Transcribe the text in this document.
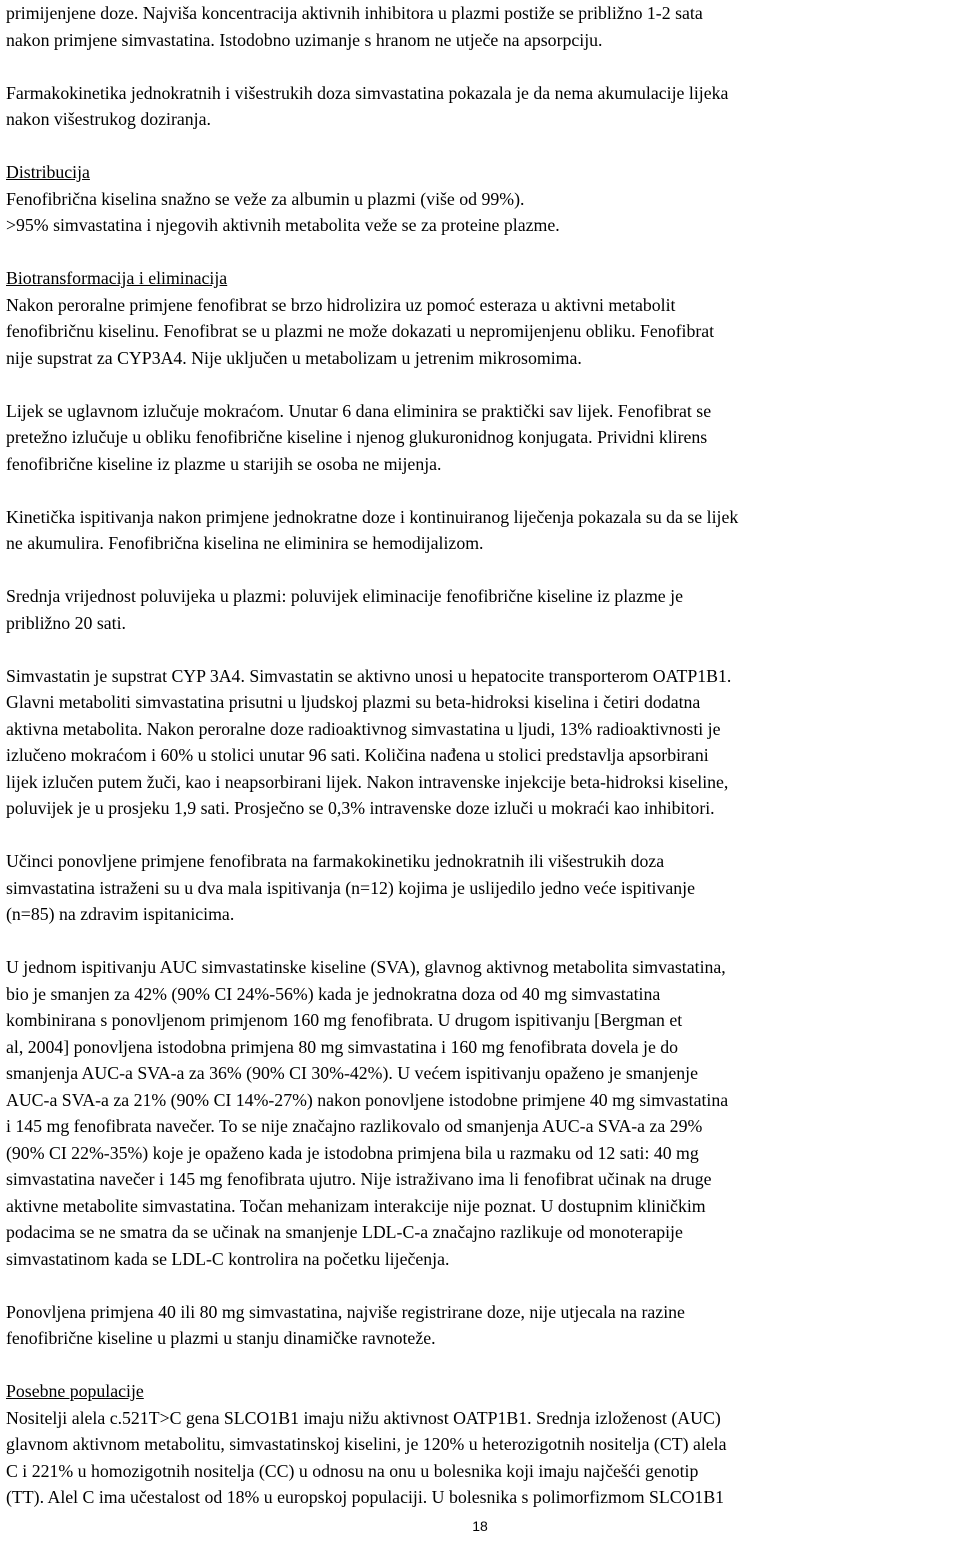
primijenjene doze. Najviša koncentracija aktivnih inhibitora u plazmi postiže se približno 1-2 sata
nakon primjene simvastatina. Istodobno uzimanje s hranom ne utječe na apsorpciju.

Farmakokinetika jednokratnih i višestrukih doza simvastatina pokazala je da nema akumulacije lijeka
nakon višestrukog doziranja.

Distribucija
Fenofibrična kiselina snažno se veže za albumin u plazmi (više od 99%).
>95% simvastatina i njegovih aktivnih metabolita veže se za proteine plazme.

Biotransformacija i eliminacija
Nakon peroralne primjene fenofibrat se brzo hidrolizira uz pomoć esteraza u aktivni metabolit
fenofibričnu kiselinu. Fenofibrat se u plazmi ne može dokazati u nepromijenjenu obliku. Fenofibrat
nije supstrat za CYP3A4. Nije uključen u metabolizam u jetrenim mikrosomima.

Lijek se uglavnom izlučuje mokraćom. Unutar 6 dana eliminira se praktički sav lijek. Fenofibrat se
pretežno izlučuje u obliku fenofibrične kiseline i njenog glukuronidnog konjugata. Prividni klirens
fenofibrične kiseline iz plazme u starijih se osoba ne mijenja.

Kinetička ispitivanja nakon primjene jednokratne doze i kontinuiranog liječenja pokazala su da se lijek
ne akumulira. Fenofibrična kiselina ne eliminira se hemodijalizom.

Srednja vrijednost poluvijeka u plazmi: poluvijek eliminacije fenofibrične kiseline iz plazme je
približno 20 sati.

Simvastatin je supstrat CYP 3A4. Simvastatin se aktivno unosi u hepatocite transporterom OATP1B1.
Glavni metaboliti simvastatina prisutni u ljudskoj plazmi su beta-hidroksi kiselina i četiri dodatna
aktivna metabolita. Nakon peroralne doze radioaktivnog simvastatina u ljudi, 13% radioaktivnosti je
izlučeno mokraćom i 60% u stolici unutar 96 sati. Količina nađena u stolici predstavlja apsorbirani
lijek izlučen putem žuči, kao i neapsorbirani lijek. Nakon intravenske injekcije beta-hidroksi kiseline,
poluvijek je u prosjeku 1,9 sati. Prosječno se 0,3% intravenske doze izluči u mokraći kao inhibitori.

Učinci ponovljene primjene fenofibrata na farmakokinetiku jednokratnih ili višestrukih doza
simvastatina istraženi su u dva mala ispitivanja (n=12) kojima je uslijedilo jedno veće ispitivanje
(n=85) na zdravim ispitanicima.

U jednom ispitivanju AUC simvastatinske kiseline (SVA), glavnog aktivnog metabolita simvastatina,
bio je smanjen za 42% (90% CI 24%-56%) kada je jednokratna doza od 40 mg simvastatina
kombinirana s ponovljenom primjenom 160 mg fenofibrata. U drugom ispitivanju [Bergman et
al, 2004] ponovljena istodobna primjena 80 mg simvastatina i 160 mg fenofibrata dovela je do
smanjenja AUC-a SVA-a za 36% (90% CI 30%-42%). U većem ispitivanju opaženo je smanjenje
AUC-a SVA-a za 21% (90% CI 14%-27%) nakon ponovljene istodobne primjene 40 mg simvastatina
i 145 mg fenofibrata navečer. To se nije značajno razlikovalo od smanjenja AUC-a SVA-a za 29%
(90% CI 22%-35%) koje je opaženo kada je istodobna primjena bila u razmaku od 12 sati: 40 mg
simvastatina navečer i 145 mg fenofibrata ujutro. Nije istraživano ima li fenofibrat učinak na druge
aktivne metabolite simvastatina. Točan mehanizam interakcije nije poznat. U dostupnim kliničkim
podacima se ne smatra da se učinak na smanjenje LDL-C-a značajno razlikuje od monoterapije
simvastatinom kada se LDL-C kontrolira na početku liječenja.

Ponovljena primjena 40 ili 80 mg simvastatina, najviše registrirane doze, nije utjecala na razine
fenofibrične kiseline u plazmi u stanju dinamičke ravnoteže.

Posebne populacije
Nositelji alela c.521T>C gena SLCO1B1 imaju nižu aktivnost OATP1B1. Srednja izloženost (AUC)
glavnom aktivnom metabolitu, simvastatinskoj kiselini, je 120% u heterozigotnih nositelja (CT) alela
C i 221% u homozigotnih nositelja (CC) u odnosu na onu u bolesnika koji imaju najčešći genotip
(TT). Alel C ima učestalost od 18% u europskoj populaciji. U bolesnika s polimorfizmom SLCO1B1

18
